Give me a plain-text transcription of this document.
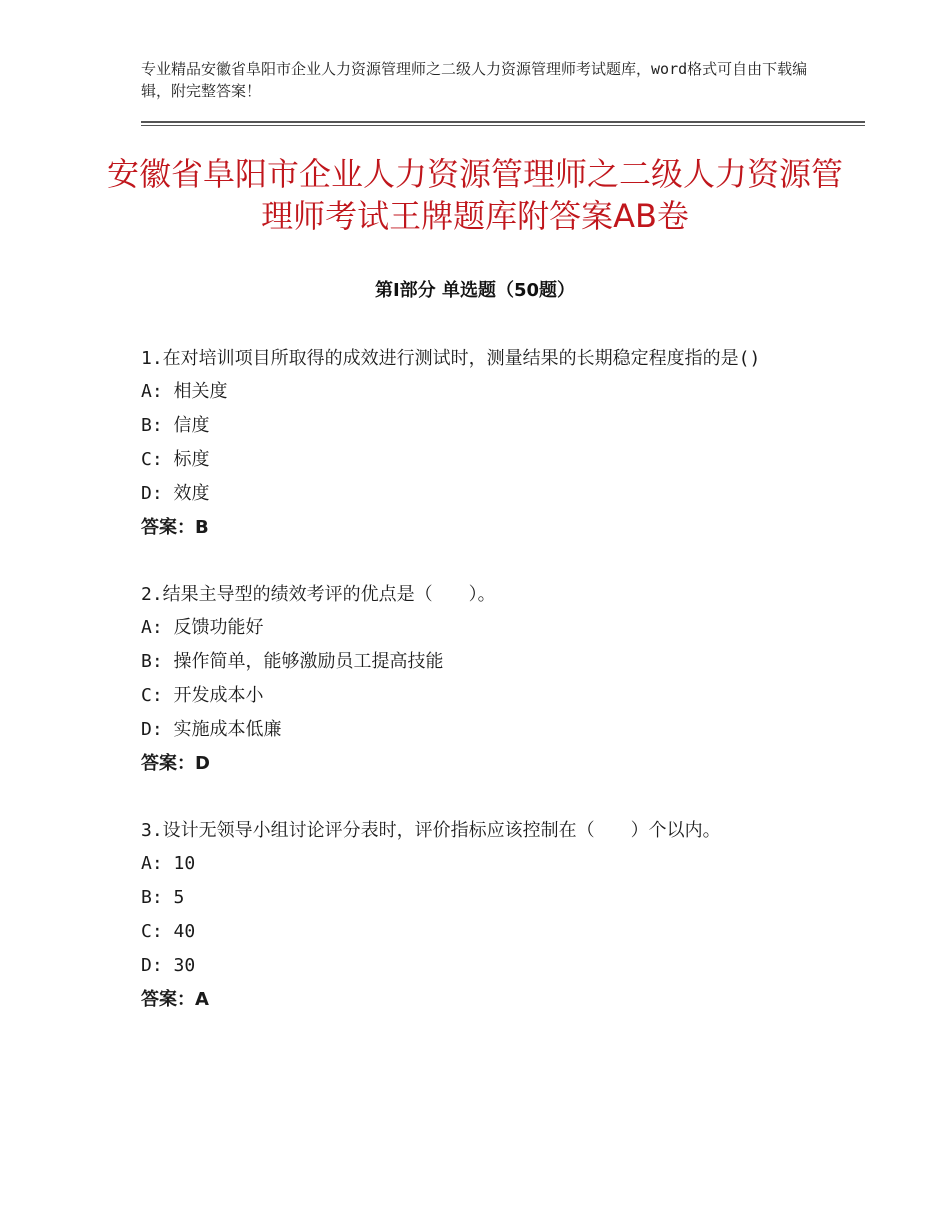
专业精品安徽省阜阳市企业人力资源管理师之二级人力资源管理师考试题库，word格式可自由下载编辑，附完整答案！
安徽省阜阳市企业人力资源管理师之二级人力资源管理师考试王牌题库附答案AB卷
第Ⅰ部分 单选题（50题）

1.在对培训项目所取得的成效进行测试时，测量结果的长期稳定程度指的是()

A: 相关度

B: 信度

C: 标度

D: 效度

答案：B

2.结果主导型的绩效考评的优点是（　　）。

A: 反馈功能好

B: 操作简单，能够激励员工提高技能

C: 开发成本小

D: 实施成本低廉

答案：D

3.设计无领导小组讨论评分表时，评价指标应该控制在（　　）个以内。

A: 10

B: 5

C: 40

D: 30

答案：A
